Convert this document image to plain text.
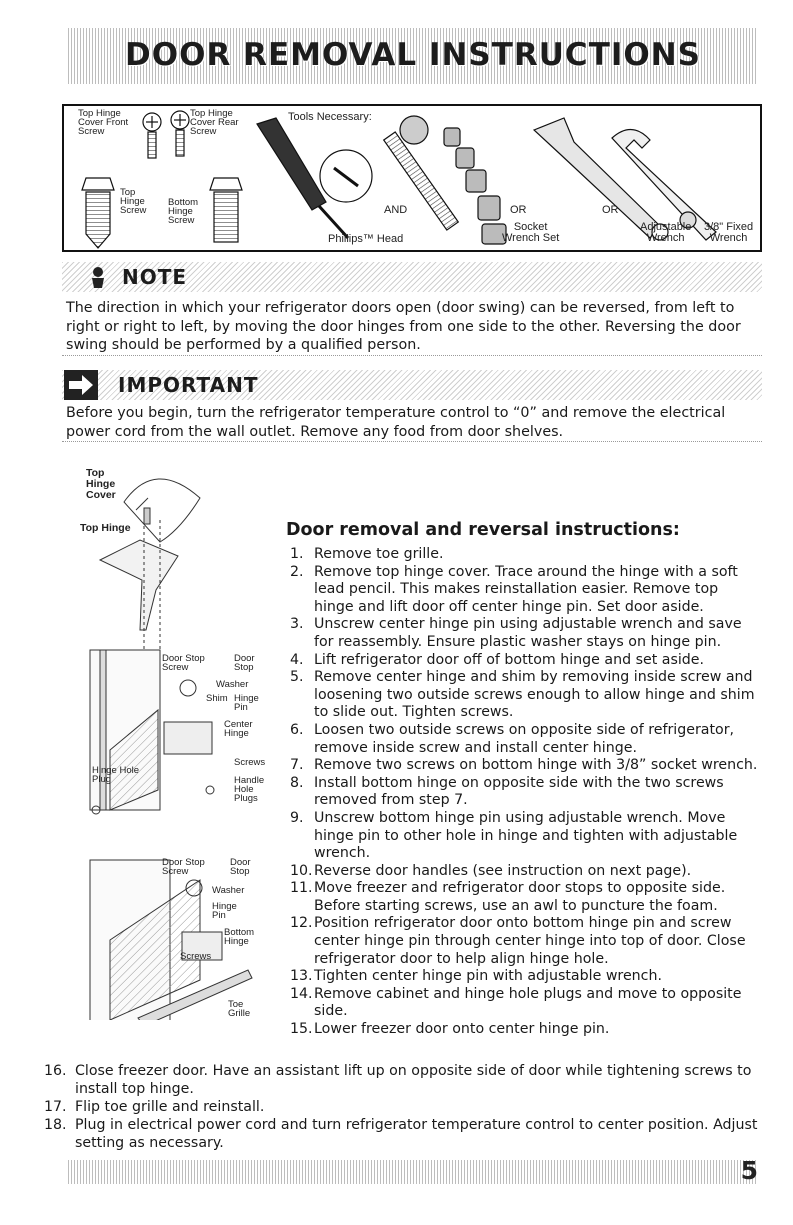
DOOR REMOVAL INSTRUCTIONS
Top Hinge
Cover Front
Screw
Top Hinge
Cover Rear
Screw
Top
Hinge
Screw
Bottom
Hinge
Screw
Tools Necessary:
AND	OR	OR
Phillips™ Head
Socket
Wrench Set
Adjustable
Wrench
3/8" Fixed
Wrench
NOTE
The direction in which your refrigerator doors open (door swing) can be reversed, from left to right or right to left, by moving the door hinges from one side to the other. Reversing the door swing should be performed by a qualified person.
IMPORTANT
Before you begin, turn the refrigerator temperature control to “0” and remove the electrical power cord from the wall outlet. Remove any food from door shelves.
Top
Hinge
Cover
Top Hinge
Door Stop
Screw
Door
Stop
Washer
Shim Hinge
Pin
Center
Hinge
Screws
Hinge Hole
Plug	Handle
Hole
Plugs
Door Stop
Screw
Door
Stop
Washer
Hinge
Pin
Bottom
Hinge
Screws
Toe
Grille
Door removal and reversal instructions:
1. Remove toe grille.
2. Remove top hinge cover. Trace around the hinge with a soft lead pencil. This makes reinstallation easier. Remove top hinge and lift door off center hinge pin. Set door aside.
3. Unscrew center hinge pin using adjustable wrench and save for reassembly. Ensure plastic washer stays on hinge pin.
4. Lift refrigerator door off of bottom hinge and set aside.
5. Remove center hinge and shim by removing inside screw and loosening two outside screws enough to allow hinge and shim to slide out. Tighten screws.
6. Loosen two outside screws on opposite side of refrigerator, remove inside screw and install center hinge.
7. Remove two screws on bottom hinge with 3/8” socket wrench.
8. Install bottom hinge on opposite side with the two screws removed from step 7.
9. Unscrew bottom hinge pin using adjustable wrench. Move hinge pin to other hole in hinge and tighten with adjustable wrench.
10. Reverse door handles (see instruction on next page).
11. Move freezer and refrigerator door stops to opposite side. Before starting screws, use an awl to puncture the foam.
12. Position refrigerator door onto bottom hinge pin and screw center hinge pin through center hinge into top of door. Close refrigerator door to help align hinge hole.
13. Tighten center hinge pin with adjustable wrench.
14. Remove cabinet and hinge hole plugs and move to opposite side.
15. Lower freezer door onto center hinge pin.
16. Close freezer door. Have an assistant lift up on opposite side of door while tightening screws to install top hinge.
17. Flip toe grille and reinstall.
18. Plug in electrical power cord and turn refrigerator temperature control to center position. Adjust setting as necessary.
5
